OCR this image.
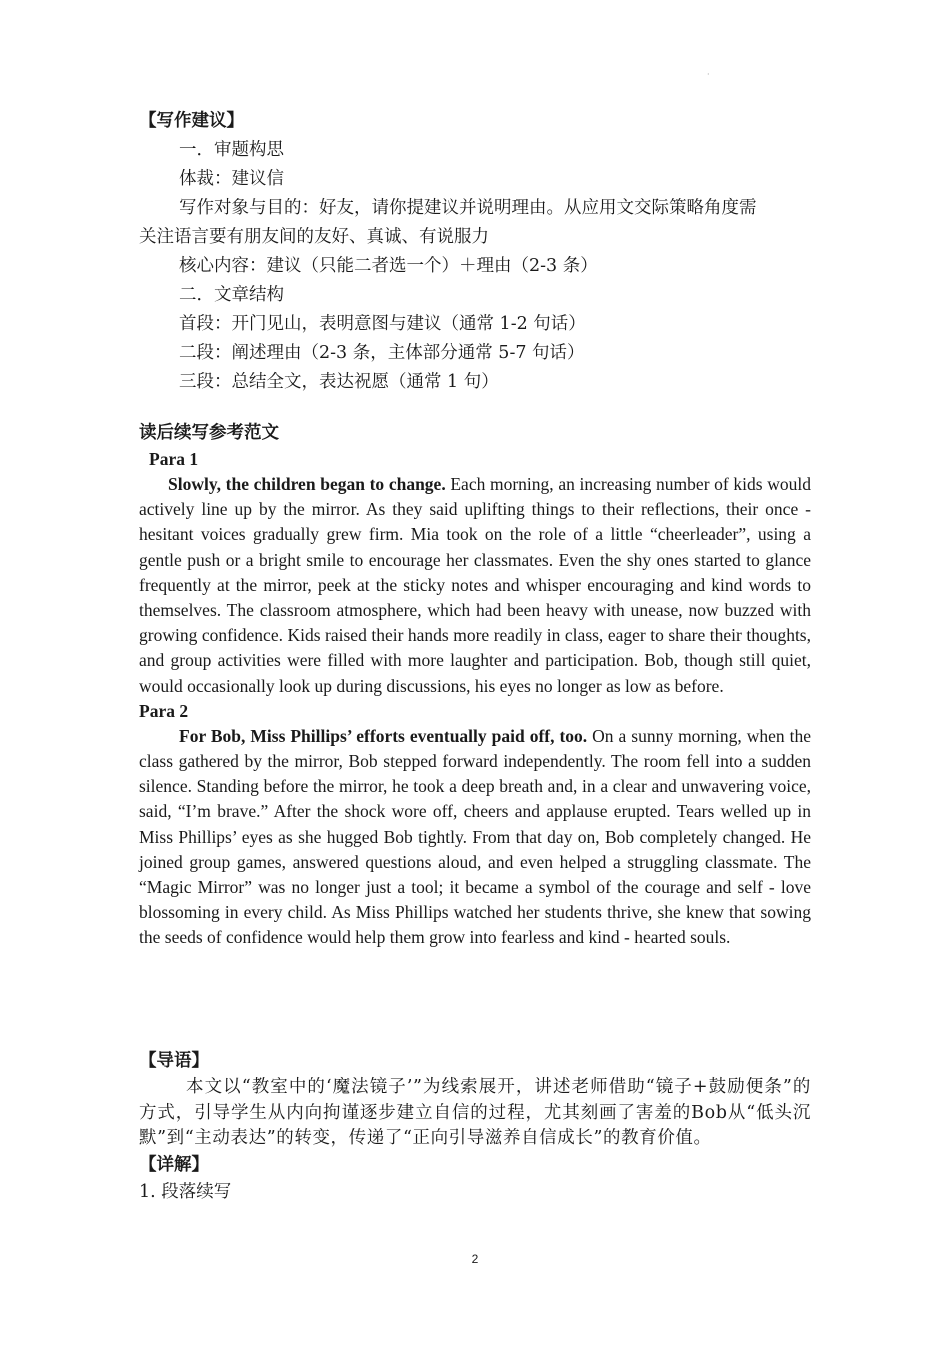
·
【写作建议】
一．审题构思
体裁：建议信
写作对象与目的：好友，请你提建议并说明理由。从应用文交际策略角度需
关注语言要有朋友间的友好、真诚、有说服力
核心内容：建议（只能二者选一个）＋理由（2-3 条）
二．文章结构
首段：开门见山，表明意图与建议（通常 1-2 句话）
二段：阐述理由（2-3 条，主体部分通常 5-7 句话）
三段：总结全文，表达祝愿（通常 1 句）
读后续写参考范文
Para 1

Slowly, the children began to change. Each morning, an increasing number of kids would actively line up by the mirror. As they said uplifting things to their reflections, their once - hesitant voices gradually grew firm. Mia took on the role of a little “cheerleader”, using a gentle push or a bright smile to encourage her classmates. Even the shy ones started to glance frequently at the mirror, peek at the sticky notes and whisper encouraging and kind words to themselves. The classroom atmosphere, which had been heavy with unease, now buzzed with growing confidence. Kids raised their hands more readily in class, eager to share their thoughts, and group activities were filled with more laughter and participation. Bob, though still quiet, would occasionally look up during discussions, his eyes no longer as low as before.

Para 2

For Bob, Miss Phillips’ efforts eventually paid off, too. On a sunny morning, when the class gathered by the mirror, Bob stepped forward independently. The room fell into a sudden silence. Standing before the mirror, he took a deep breath and, in a clear and unwavering voice, said, “I’m brave.” After the shock wore off, cheers and applause erupted. Tears welled up in Miss Phillips’ eyes as she hugged Bob tightly. From that day on, Bob completely changed. He joined group games, answered questions aloud, and even helped a struggling classmate. The “Magic Mirror” was no longer just a tool; it became a symbol of the courage and self - love blossoming in every child. As Miss Phillips watched her students thrive, she knew that sowing the seeds of confidence would help them grow into fearless and kind - hearted souls.

【导语】
本文以“教室中的‘魔法镜子’”为线索展开，讲述老师借助“镜子+鼓励便条”的方式，引导学生从内向拘谨逐步建立自信的过程，尤其刻画了害羞的Bob从“低头沉默”到“主动表达”的转变，传递了“正向引导滋养自信成长”的教育价值。
【详解】
1. 段落续写
2
